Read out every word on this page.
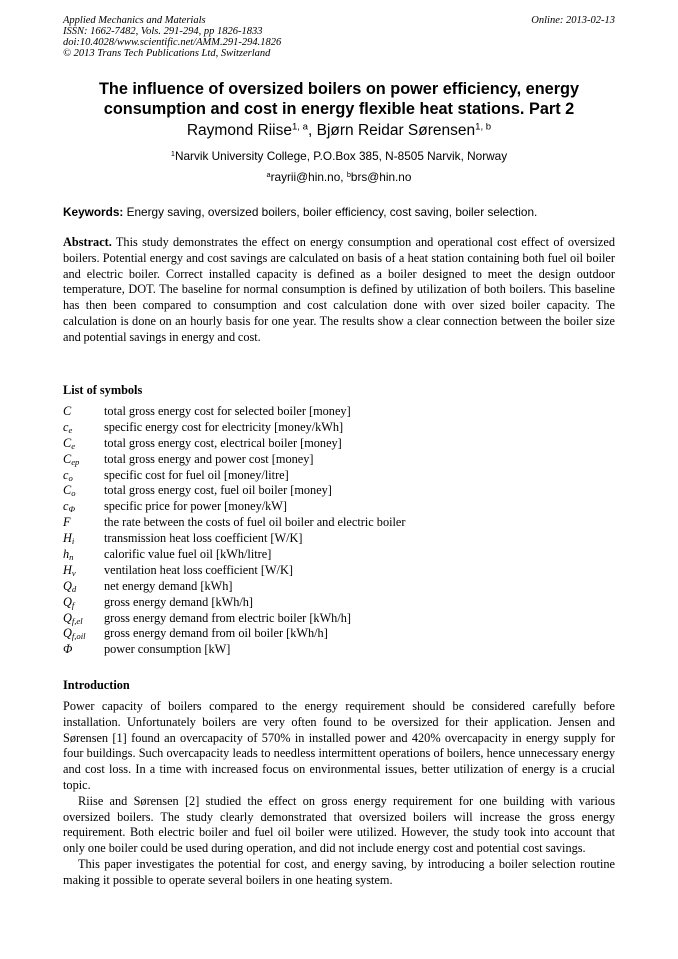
Applied Mechanics and Materials
ISSN: 1662-7482, Vols. 291-294, pp 1826-1833
doi:10.4028/www.scientific.net/AMM.291-294.1826
© 2013 Trans Tech Publications Ltd, Switzerland
Online: 2013-02-13
The influence of oversized boilers on power efficiency, energy
consumption and cost in energy flexible heat stations. Part 2
Raymond Riise$^{1, a}$, Bjørn Reidar Sørensen$^{1, b}$
$^1$Narvik University College, P.O.Box 385, N-8505 Narvik, Norway
$^a$rayrii@hin.no, $^b$brs@hin.no
Keywords: Energy saving, oversized boilers, boiler efficiency, cost saving, boiler selection.
Abstract. This study demonstrates the effect on energy consumption and operational cost effect of oversized boilers. Potential energy and cost savings are calculated on basis of a heat station containing both fuel oil boiler and electric boiler. Correct installed capacity is defined as a boiler designed to meet the design outdoor temperature, DOT. The baseline for normal consumption is defined by utilization of both boilers. This baseline has then been compared to consumption and cost calculation done with over sized boiler capacity. The calculation is done on an hourly basis for one year. The results show a clear connection between the boiler size and potential savings in energy and cost.
List of symbols
C	total gross energy cost for selected boiler [money]
$c_e$	specific energy cost for electricity [money/kWh]
$C_e$	total gross energy cost, electrical boiler [money]
$C_{ep}$	total gross energy and power cost [money]
$c_o$	specific cost for fuel oil [money/litre]
$C_o$	total gross energy cost, fuel oil boiler [money]
$c_\Phi$	specific price for power [money/kW]
F	the rate between the costs of fuel oil boiler and electric boiler
$H_i$	transmission heat loss coefficient [W/K]
$h_n$	calorific value fuel oil [kWh/litre]
$H_v$	ventilation heat loss coefficient [W/K]
$Q_d$	net energy demand [kWh]
$Q_f$	gross energy demand [kWh/h]
$Q_{f,el}$	gross energy demand from electric boiler [kWh/h]
$Q_{f,oil}$	gross energy demand from oil boiler [kWh/h]
Φ	power consumption [kW]
Introduction

Power capacity of boilers compared to the energy requirement should be considered carefully before installation. Unfortunately boilers are very often found to be oversized for their application. Jensen and Sørensen [1] found an overcapacity of 570% in installed power and 420% overcapacity in energy supply for four buildings. Such overcapacity leads to needless intermittent operations of boilers, hence unnecessary energy and cost loss. In a time with increased focus on environmental issues, better utilization of energy is a crucial topic.

Riise and Sørensen [2] studied the effect on gross energy requirement for one building with various oversized boilers. The study clearly demonstrated that oversized boilers will increase the gross energy requirement. Both electric boiler and fuel oil boiler were utilized. However, the study took into account that only one boiler could be used during operation, and did not include energy cost and potential cost savings.

This paper investigates the potential for cost, and energy saving, by introducing a boiler selection routine making it possible to operate several boilers in one heating system.
